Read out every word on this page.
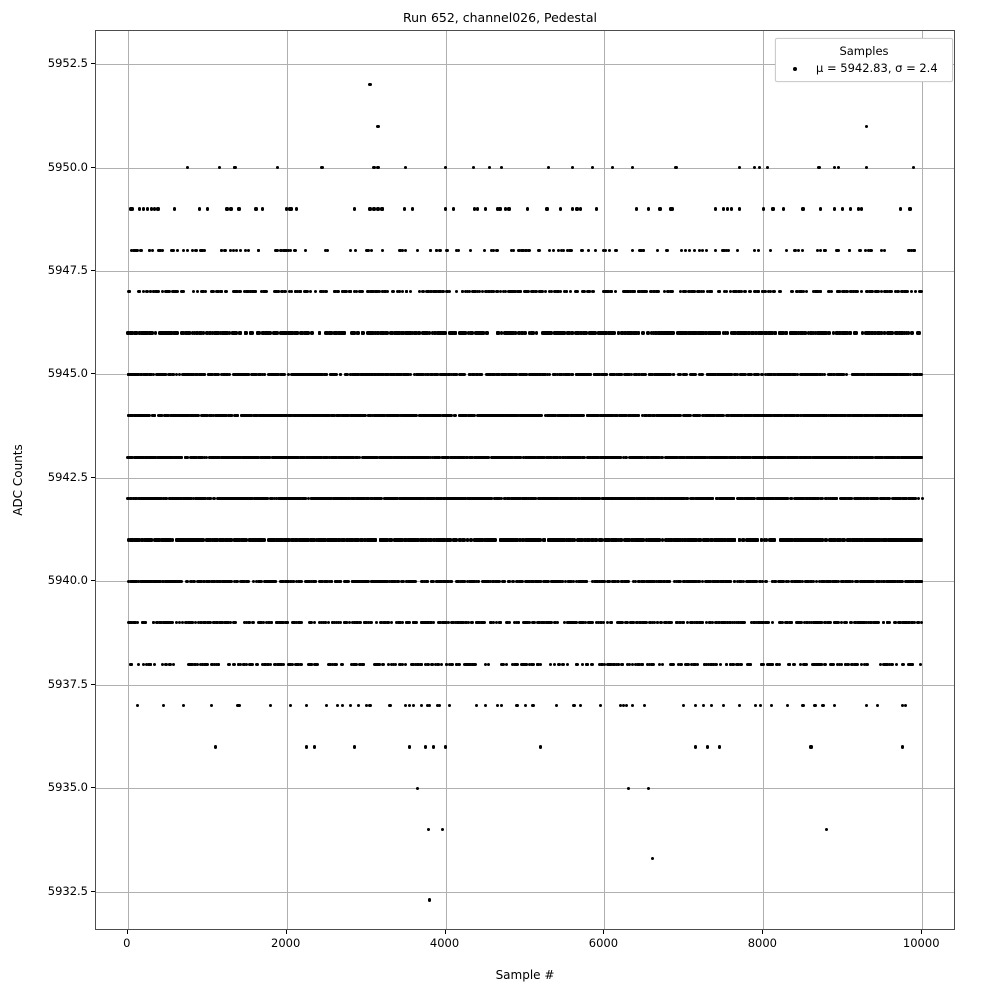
Run 652, channel026, Pedestal
ADC Counts
Sample #
5932.5
5935.0
5937.5
5940.0
5942.5
5945.0
5947.5
5950.0
5952.5
0	2000	4000	6000	8000	10000
Samples
μ = 5942.83, σ = 2.4
